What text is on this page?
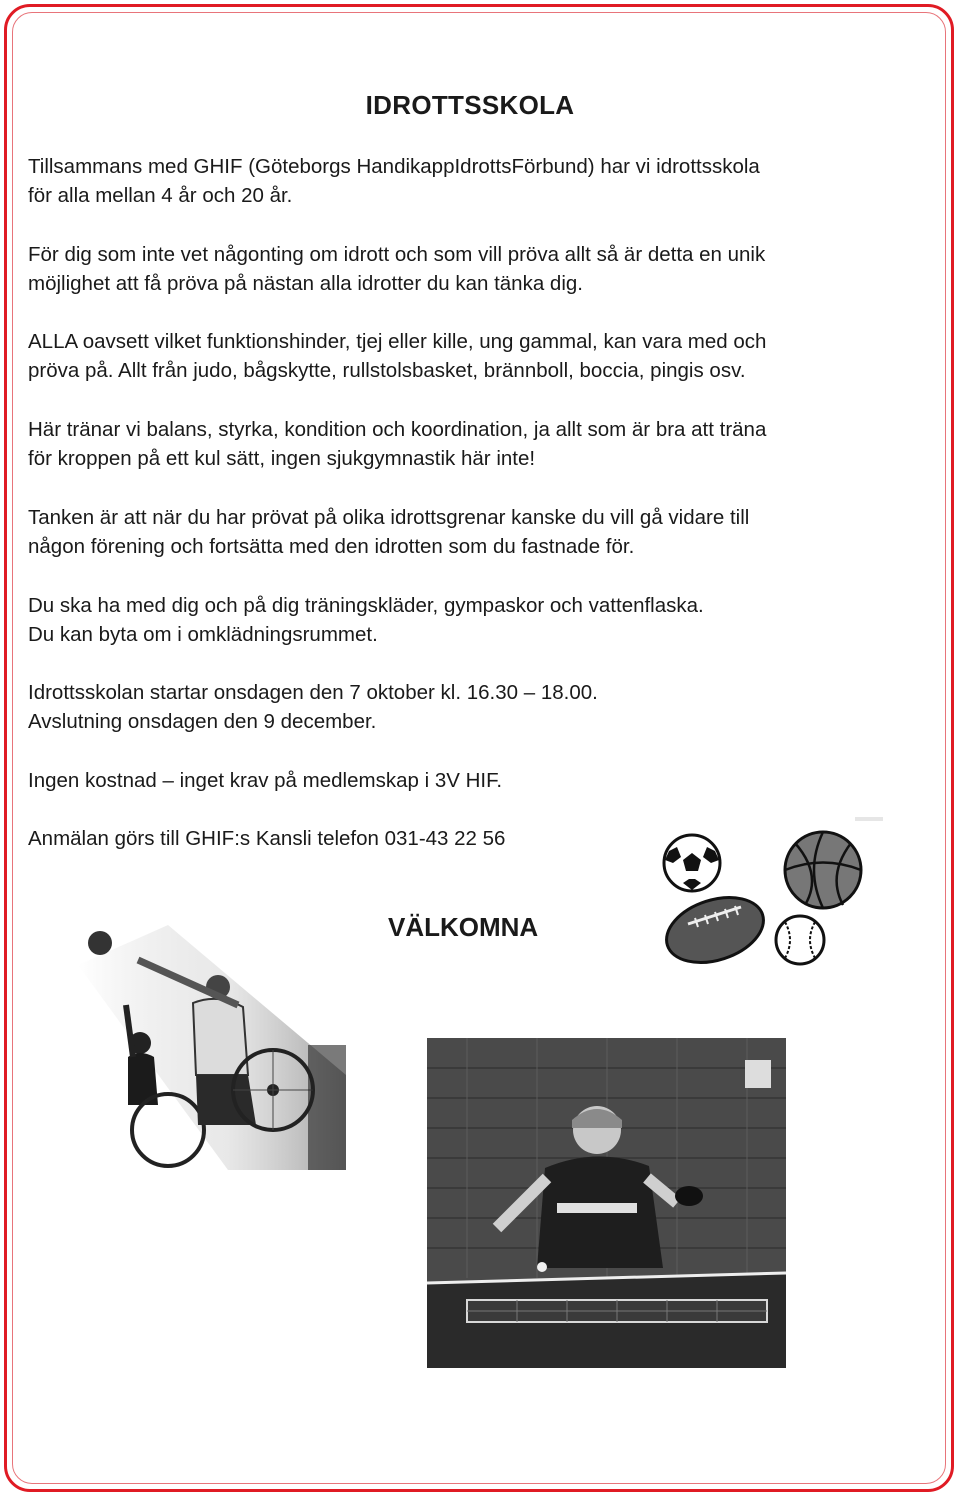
IDROTTSSKOLA

Tillsammans med GHIF (Göteborgs HandikappIdrottsFörbund) har vi idrottsskola
för alla mellan 4 år och 20 år.

För dig som inte vet någonting om idrott och som vill pröva allt så är detta en unik
möjlighet att få pröva på nästan alla idrotter du kan tänka dig.

ALLA oavsett vilket funktionshinder, tjej eller kille, ung gammal, kan vara med och
pröva på. Allt från judo, bågskytte, rullstolsbasket, brännboll, boccia, pingis osv.

Här tränar vi balans, styrka, kondition och koordination, ja allt som är bra att träna
för kroppen på ett kul sätt, ingen sjukgymnastik här inte!

Tanken är att när du har prövat på olika idrottsgrenar kanske du vill gå vidare till
någon förening och fortsätta med den idrotten som du fastnade för.

Du ska ha med dig och på dig träningskläder, gympaskor och vattenflaska.
Du kan byta om i omklädningsrummet.

Idrottsskolan startar onsdagen den 7 oktober kl. 16.30 – 18.00.
Avslutning onsdagen den 9 december.

Ingen kostnad – inget krav på medlemskap i 3V HIF.

Anmälan görs till GHIF:s Kansli telefon 031-43 22 56

VÄLKOMNA
